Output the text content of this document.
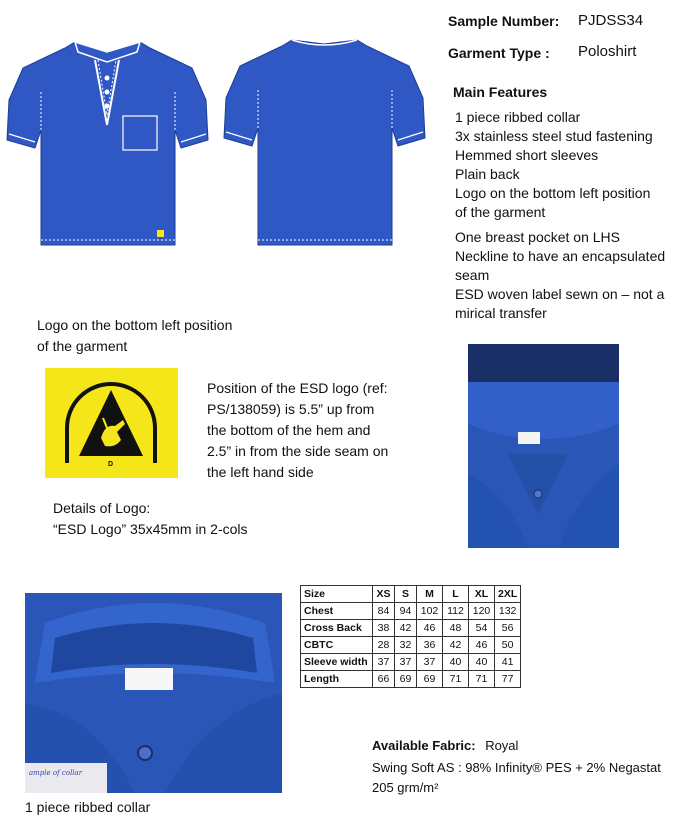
Sample Number: PJDSS34
Garment Type : Poloshirt
Main Features
1 piece ribbed collar
3x stainless steel stud fastening
Hemmed short sleeves
Plain back
Logo on the bottom left position
of the garment
One breast pocket on LHS
Neckline to have an encapsulated
seam
ESD woven label sewn on – not a
mirical transfer
Logo on the bottom left position
of the garment
D
Position of the ESD logo (ref:
PS/138059) is 5.5” up from
the bottom of the hem and
2.5” in from the side seam on
the left hand side
Details of Logo:
“ESD Logo” 35x45mm in 2-cols
Size	XS	S	M	L	XL	2XL
Chest	84	94	102	112	120	132
Cross Back	38	42	46	48	54	56
CBTC	28	32	36	42	46	50
Sleeve width	37	37	37	40	40	41
Length	66	69	69	71	71	77
ample of collar
1 piece ribbed collar
Available Fabric: Royal
Swing Soft AS : 98% Infinity® PES + 2% Negastat
205 grm/m²
